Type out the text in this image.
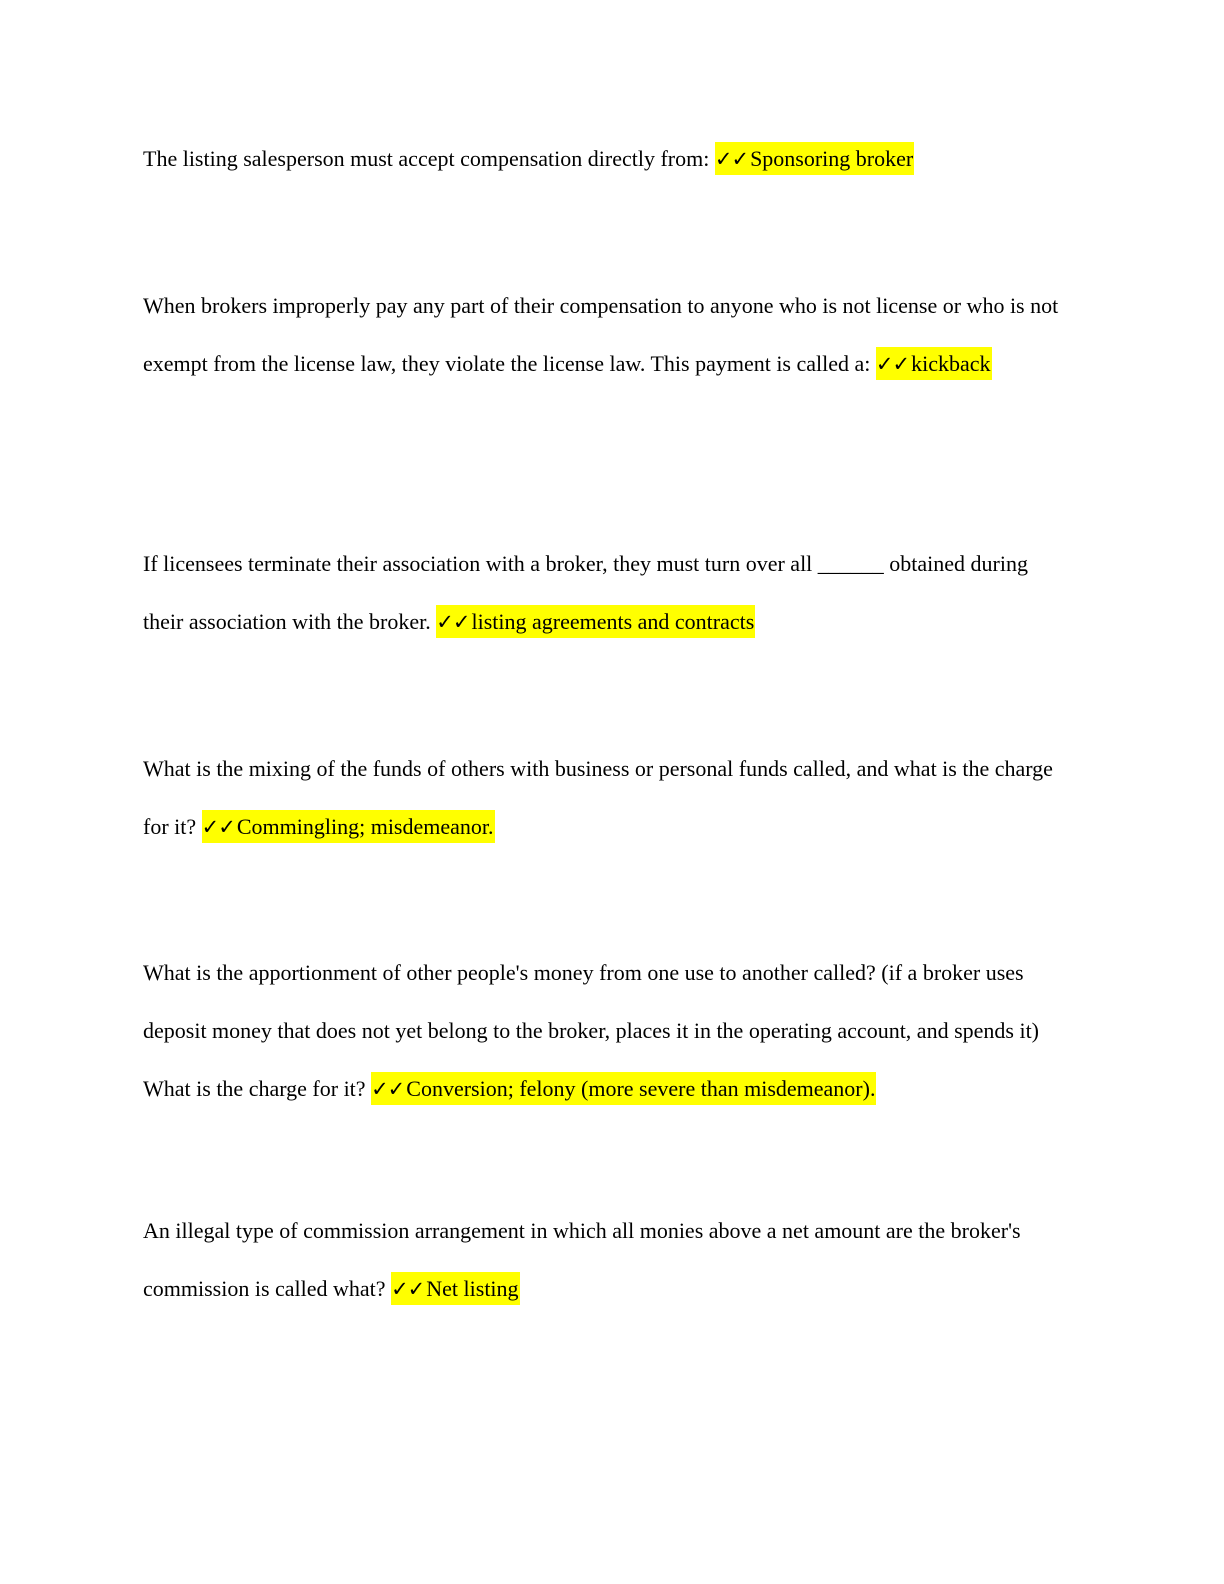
The listing salesperson must accept compensation directly from: ✓✓Sponsoring broker

When brokers improperly pay any part of their compensation to anyone who is not license or who is not exempt from the license law, they violate the license law. This payment is called a: ✓✓kickback

If licensees terminate their association with a broker, they must turn over all ______ obtained during their association with the broker. ✓✓listing agreements and contracts

What is the mixing of the funds of others with business or personal funds called, and what is the charge for it? ✓✓Commingling; misdemeanor.

What is the apportionment of other people's money from one use to another called? (if a broker uses deposit money that does not yet belong to the broker, places it in the operating account, and spends it) What is the charge for it? ✓✓Conversion; felony (more severe than misdemeanor).

An illegal type of commission arrangement in which all monies above a net amount are the broker's commission is called what? ✓✓Net listing
